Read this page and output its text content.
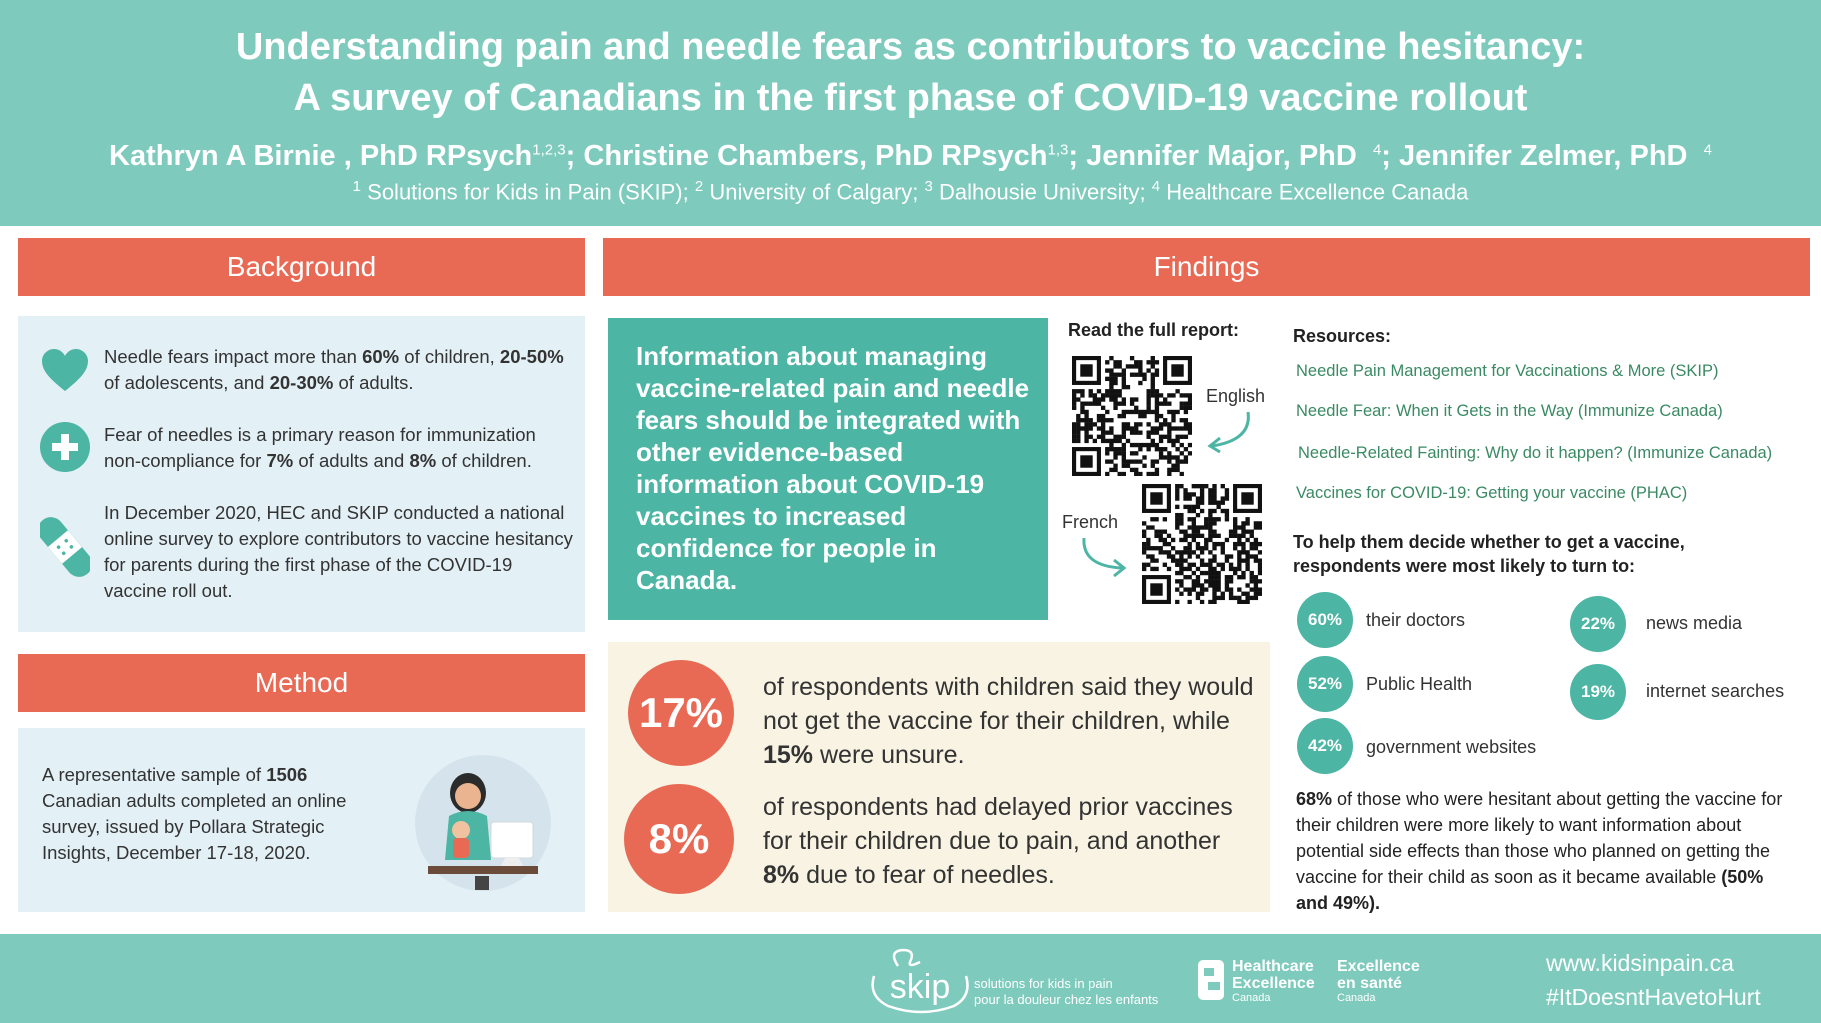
Understanding pain and needle fears as contributors to vaccine hesitancy:
A survey of Canadians in the first phase of COVID-19 vaccine rollout
Kathryn A Birnie , PhD RPsych$^{1,2,3}$; Christine Chambers, PhD RPsych$^{1,3}$; Jennifer Major, PhD $^4$; Jennifer Zelmer, PhD $^4$
$^1$ Solutions for Kids in Pain (SKIP); $^2$ University of Calgary; $^3$ Dalhousie University; $^4$ Healthcare Excellence Canada
Background	Findings
Method
Needle fears impact more than 60% of children, 20-50% of adolescents, and 20-30% of adults.
Fear of needles is a primary reason for immunization non-compliance for 7% of adults and 8% of children.
In December 2020, HEC and SKIP conducted a national online survey to explore contributors to vaccine hesitancy for parents during the first phase of the COVID-19 vaccine roll out.
A representative sample of 1506 Canadian adults completed an online survey, issued by Pollara Strategic Insights, December 17-18, 2020.
Information about managing vaccine-related pain and needle fears should be integrated with other evidence-based information about COVID-19 vaccines to increased confidence for people in Canada.
Read the full report:
English
French
17%
of respondents with children said they would not get the vaccine for their children, while 15% were unsure.
8%
of respondents had delayed prior vaccines for their children due to pain, and another 8% due to fear of needles.
Resources:
Needle Pain Management for Vaccinations & More (SKIP)
Needle Fear: When it Gets in the Way (Immunize Canada)
Needle-Related Fainting: Why do it happen? (Immunize Canada)
Vaccines for COVID-19: Getting your vaccine (PHAC)
To help them decide whether to get a vaccine, respondents were most likely to turn to:
60%	their doctors
52%	Public Health
42%	government websites
22%	news media
19%	internet searches
68% of those who were hesitant about getting the vaccine for their children were more likely to want information about potential side effects than those who planned on getting the vaccine for their child as soon as it became available (50% and 49%).
skip solutions for kids in pain
pour la douleur chez les enfants
Healthcare
Excellence
Canada
Excellence
en santé
Canada
www.kidsinpain.ca
#ItDoesntHavetoHurt
